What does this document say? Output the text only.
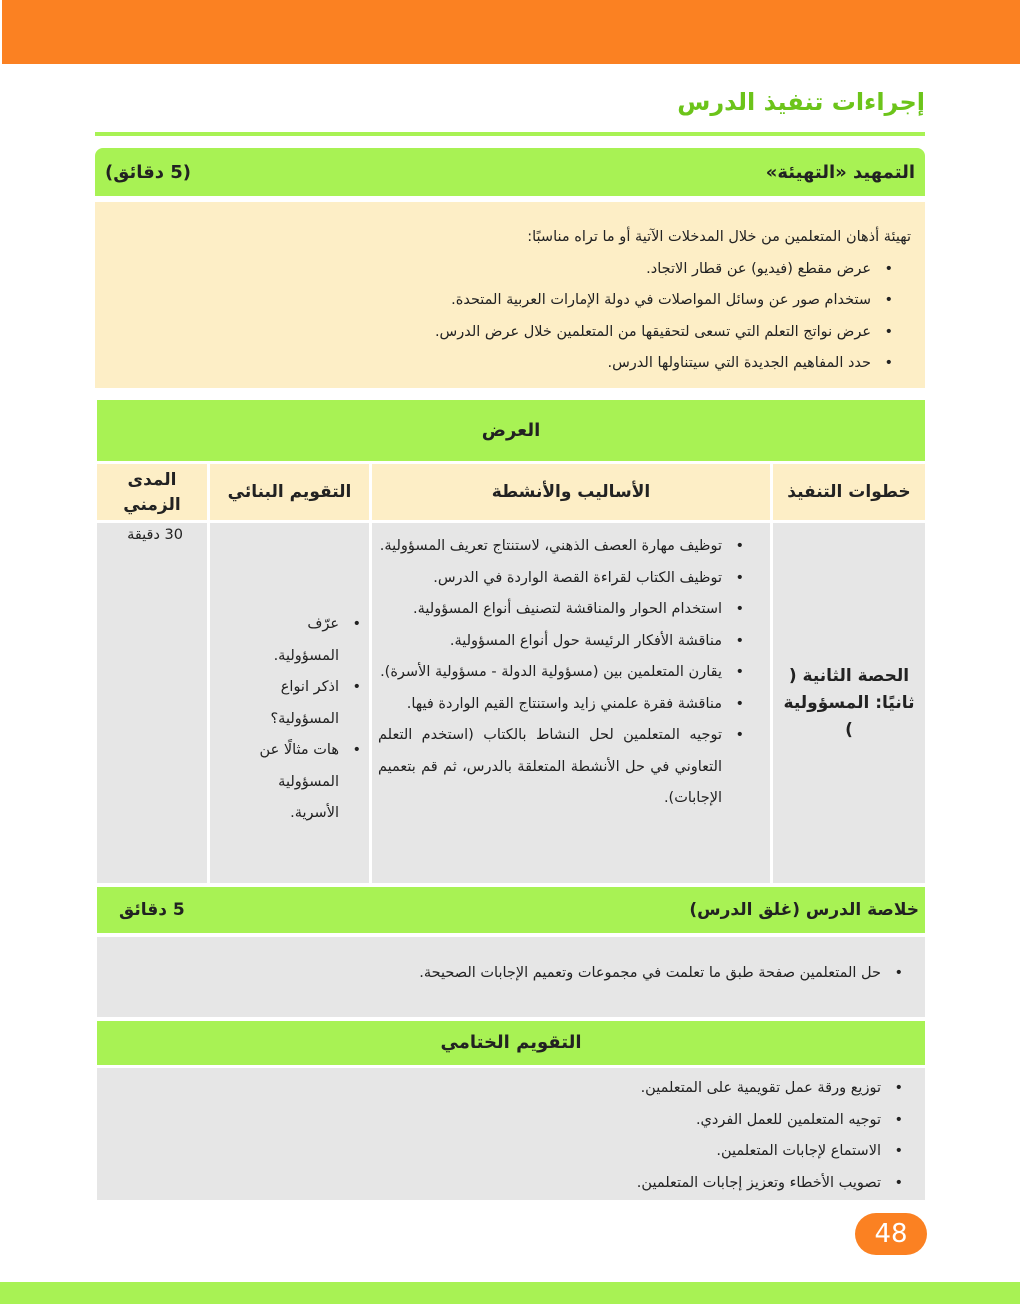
إجراءات تنفيذ الدرس
التمهيد «التهيئة»
(5 دقائق)
تهيئة أذهان المتعلمين من خلال المدخلات الآتية أو ما تراه مناسبًا:
• عرض مقطع (فيديو) عن قطار الاتجاد.
• ستخدام صور عن وسائل المواصلات في دولة الإمارات العربية المتحدة.
• عرض نواتج التعلم التي تسعى لتحقيقها من المتعلمين خلال عرض الدرس.
• حدد المفاهيم الجديدة التي سيتناولها الدرس.
العرض
خطوات التنفيذ
الأساليب والأنشطة
التقويم البنائي
المدى الزمني
الحصة الثانية ( ثانيًا: المسؤولية )
• توظيف مهارة العصف الذهني، لاستنتاج تعريف المسؤولية.
• توظيف الكتاب لقراءة القصة الواردة في الدرس.
• استخدام الحوار والمناقشة لتصنيف أنواع المسؤولية.
• مناقشة الأفكار الرئيسة حول أنواع المسؤولية.
• يقارن المتعلمين بين (مسؤولية الدولة - مسؤولية الأسرة).
• مناقشة فقرة علمني زايد واستنتاج القيم الواردة فيها.
• توجيه المتعلمين لحل النشاط بالكتاب (استخدم التعلم التعاوني في حل الأنشطة المتعلقة بالدرس، ثم قم بتعميم الإجابات).
• عرّف المسؤولية.
• اذكر انواع المسؤولية؟
• هات مثالًا عن المسؤولية الأسرية.
30 دقيقة
خلاصة الدرس (غلق الدرس)
5 دقائق
• حل المتعلمين صفحة طبق ما تعلمت في مجموعات وتعميم الإجابات الصحيحة.
التقويم الختامي
• توزيع ورقة عمل تقويمية على المتعلمين.
• توجيه المتعلمين للعمل الفردي.
• الاستماع لإجابات المتعلمين.
• تصويب الأخطاء وتعزيز إجابات المتعلمين.
48
